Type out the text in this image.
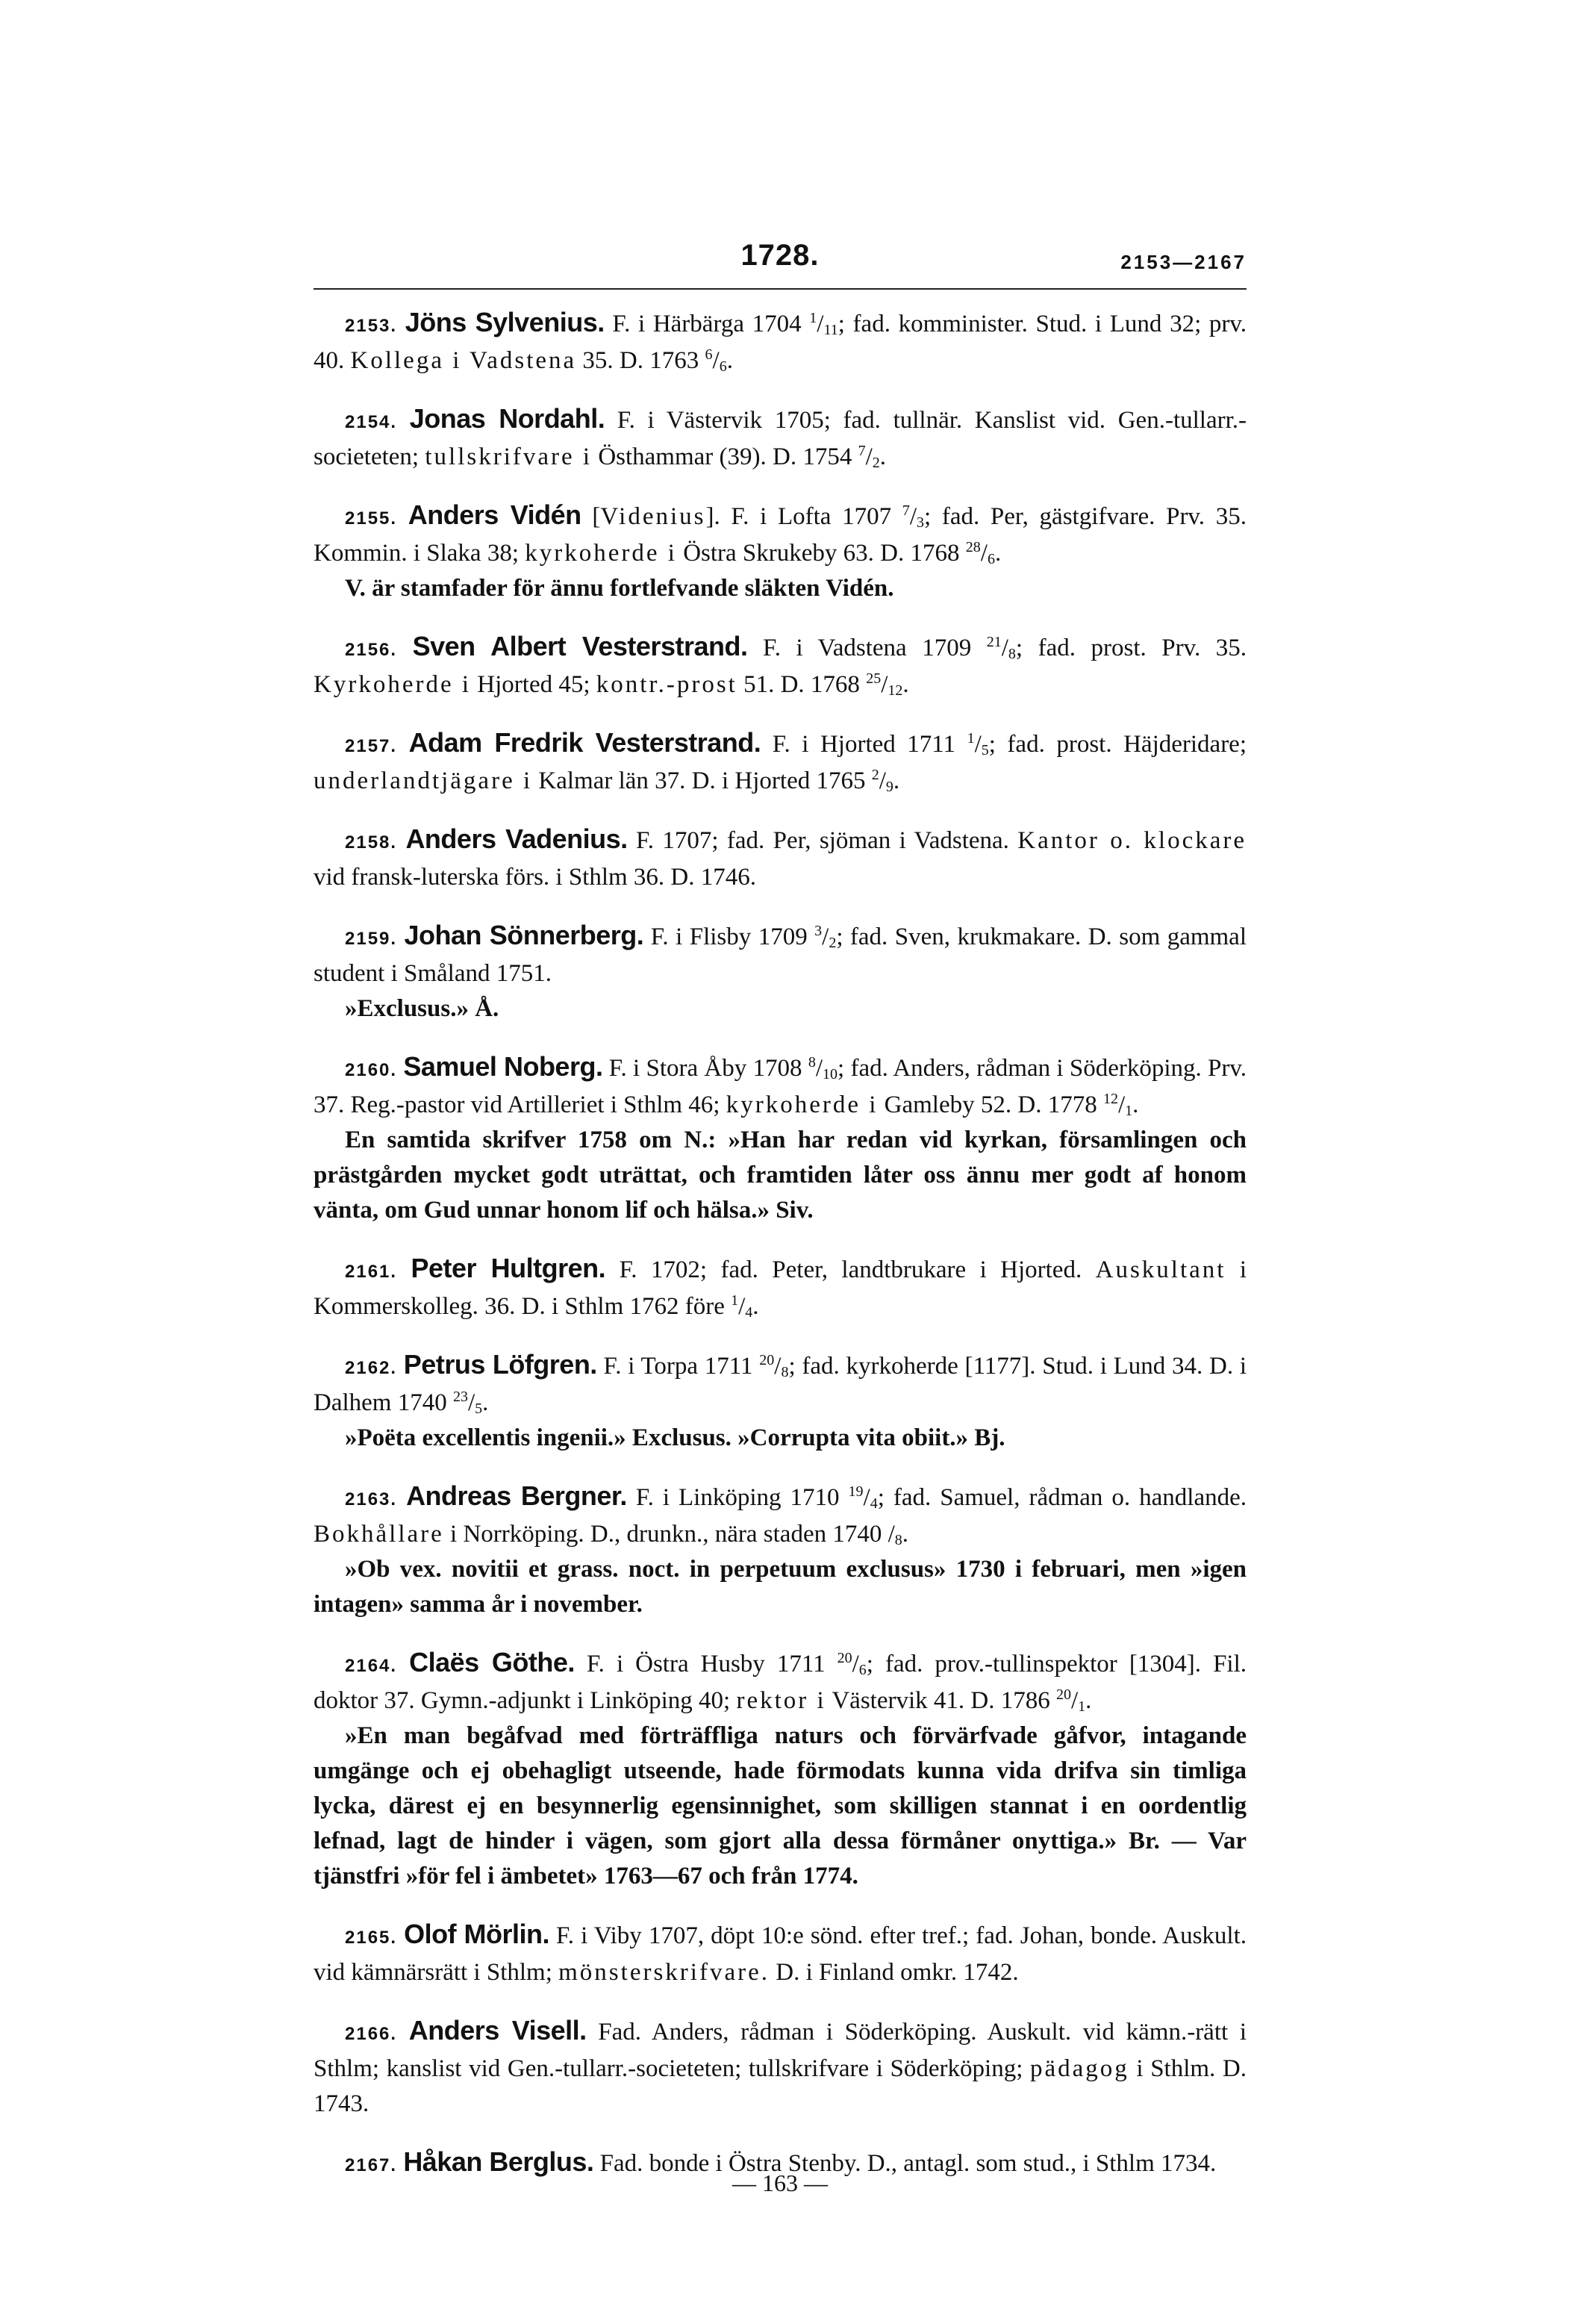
1728.	2153—2167

2153. Jöns Sylvenius. F. i Härbärga 1704 $^1/_{11}$; fad. komminister. Stud. i Lund 32; prv. 40. Kollega i Vadstena 35. D. 1763 $^6/_6$.

2154. Jonas Nordahl. F. i Västervik 1705; fad. tullnär. Kanslist vid. Gen.-tullarr.-societeten; tullskrifvare i Östhammar (39). D. 1754 $^7/_2$.

2155. Anders Vidén [Videnius]. F. i Lofta 1707 $^7/_3$; fad. Per, gästgifvare. Prv. 35. Kommin. i Slaka 38; kyrkoherde i Östra Skrukeby 63. D. 1768 $^{28}/_6$.

V. är stamfader för ännu fortlefvande släkten Vidén.

2156. Sven Albert Vesterstrand. F. i Vadstena 1709 $^{21}/_8$; fad. prost. Prv. 35. Kyrkoherde i Hjorted 45; kontr.-prost 51. D. 1768 $^{25}/_{12}$.

2157. Adam Fredrik Vesterstrand. F. i Hjorted 1711 $^1/_5$; fad. prost. Häjderidare; underlandtjägare i Kalmar län 37. D. i Hjorted 1765 $^2/_9$.

2158. Anders Vadenius. F. 1707; fad. Per, sjöman i Vadstena. Kantor o. klockare vid fransk-luterska förs. i Sthlm 36. D. 1746.

2159. Johan Sönnerberg. F. i Flisby 1709 $^3/_2$; fad. Sven, krukmakare. D. som gammal student i Småland 1751.

»Exclusus.» Å.

2160. Samuel Noberg. F. i Stora Åby 1708 $^8/_{10}$; fad. Anders, rådman i Söderköping. Prv. 37. Reg.-pastor vid Artilleriet i Sthlm 46; kyrkoherde i Gamleby 52. D. 1778 $^{12}/_1$.

En samtida skrifver 1758 om N.: »Han har redan vid kyrkan, församlingen och prästgården mycket godt uträttat, och framtiden låter oss ännu mer godt af honom vänta, om Gud unnar honom lif och hälsa.» Siv.

2161. Peter Hultgren. F. 1702; fad. Peter, landtbrukare i Hjorted. Auskultant i Kommerskolleg. 36. D. i Sthlm 1762 före $^1/_4$.

2162. Petrus Löfgren. F. i Torpa 1711 $^{20}/_8$; fad. kyrkoherde [1177]. Stud. i Lund 34. D. i Dalhem 1740 $^{23}/_5$.

»Poëta excellentis ingenii.» Exclusus. »Corrupta vita obiit.» Bj.

2163. Andreas Bergner. F. i Linköping 1710 $^{19}/_4$; fad. Samuel, rådman o. handlande. Bokhållare i Norrköping. D., drunkn., nära staden 1740 $/_8$.

»Ob vex. novitii et grass. noct. in perpetuum exclusus» 1730 i februari, men »igen intagen» samma år i november.

2164. Claës Göthe. F. i Östra Husby 1711 $^{20}/_6$; fad. prov.-tullinspektor [1304]. Fil. doktor 37. Gymn.-adjunkt i Linköping 40; rektor i Västervik 41. D. 1786 $^{20}/_1$.

»En man begåfvad med förträffliga naturs och förvärfvade gåfvor, intagande umgänge och ej obehagligt utseende, hade förmodats kunna vida drifva sin timliga lycka, därest ej en besynnerlig egensinnighet, som skilligen stannat i en oordentlig lefnad, lagt de hinder i vägen, som gjort alla dessa förmåner onyttiga.» Br. — Var tjänstfri »för fel i ämbetet» 1763—67 och från 1774.

2165. Olof Mörlin. F. i Viby 1707, döpt 10:e sönd. efter tref.; fad. Johan, bonde. Auskult. vid kämnärsrätt i Sthlm; mönsterskrifvare. D. i Finland omkr. 1742.

2166. Anders Visell. Fad. Anders, rådman i Söderköping. Auskult. vid kämn.-rätt i Sthlm; kanslist vid Gen.-tullarr.-societeten; tullskrifvare i Söderköping; pädagog i Sthlm. D. 1743.

2167. Håkan Berglus. Fad. bonde i Östra Stenby. D., antagl. som stud., i Sthlm 1734.

— 163 —
